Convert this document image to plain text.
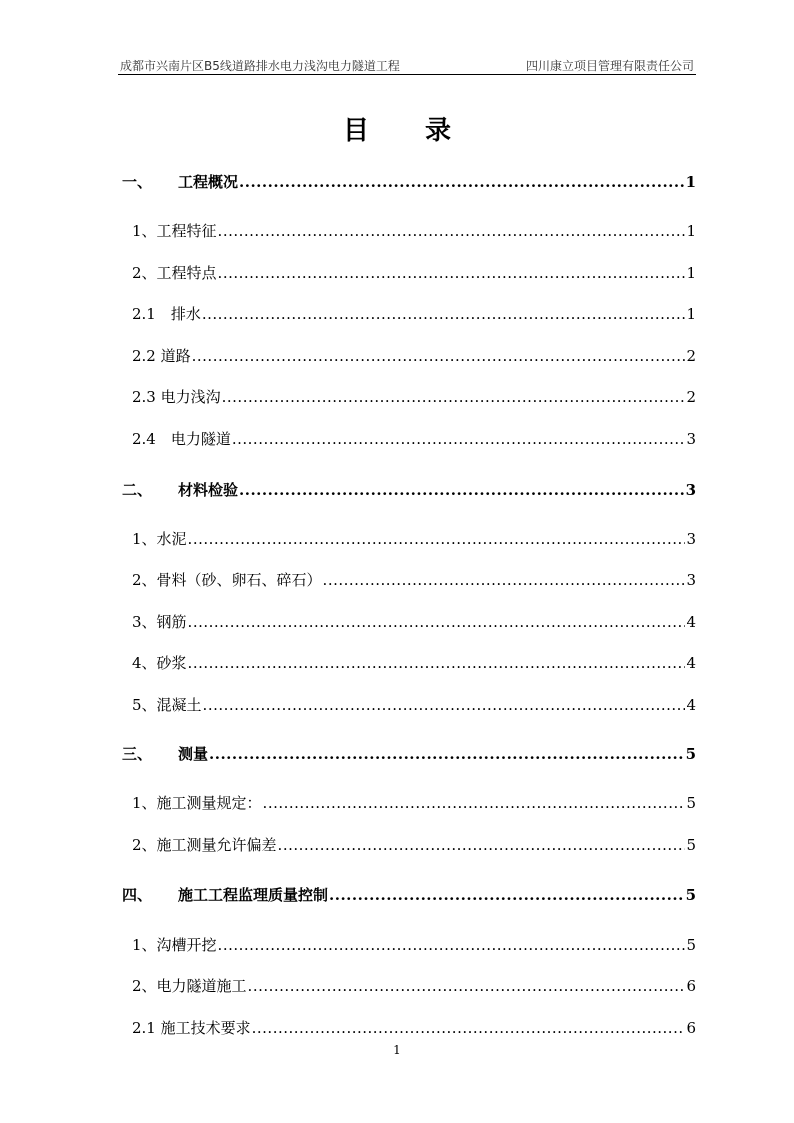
成都市兴南片区B5线道路排水电力浅沟电力隧道工程	四川康立项目管理有限责任公司
目 录
一、 工程概况 .....	1
1、工程特征 .....	1
2、工程特点 .....	1
2.1　排水 .....	1
2.2 道路 .....	2
2.3 电力浅沟 .....	2
2.4　电力隧道 .....	3
二、 材料检验 .....	3
1、水泥 .....	3
2、骨料（砂、卵石、碎石） .....	3
3、钢筋 .....	4
4、砂浆 .....	4
5、混凝土 .....	4
三、 测量 .....	5
1、施工测量规定： .....	5
2、施工测量允许偏差 .....	5
四、 施工工程监理质量控制 .....	5
1、沟槽开挖 .....	5
2、电力隧道施工 .....	6
2.1 施工技术要求 .....	6
1
